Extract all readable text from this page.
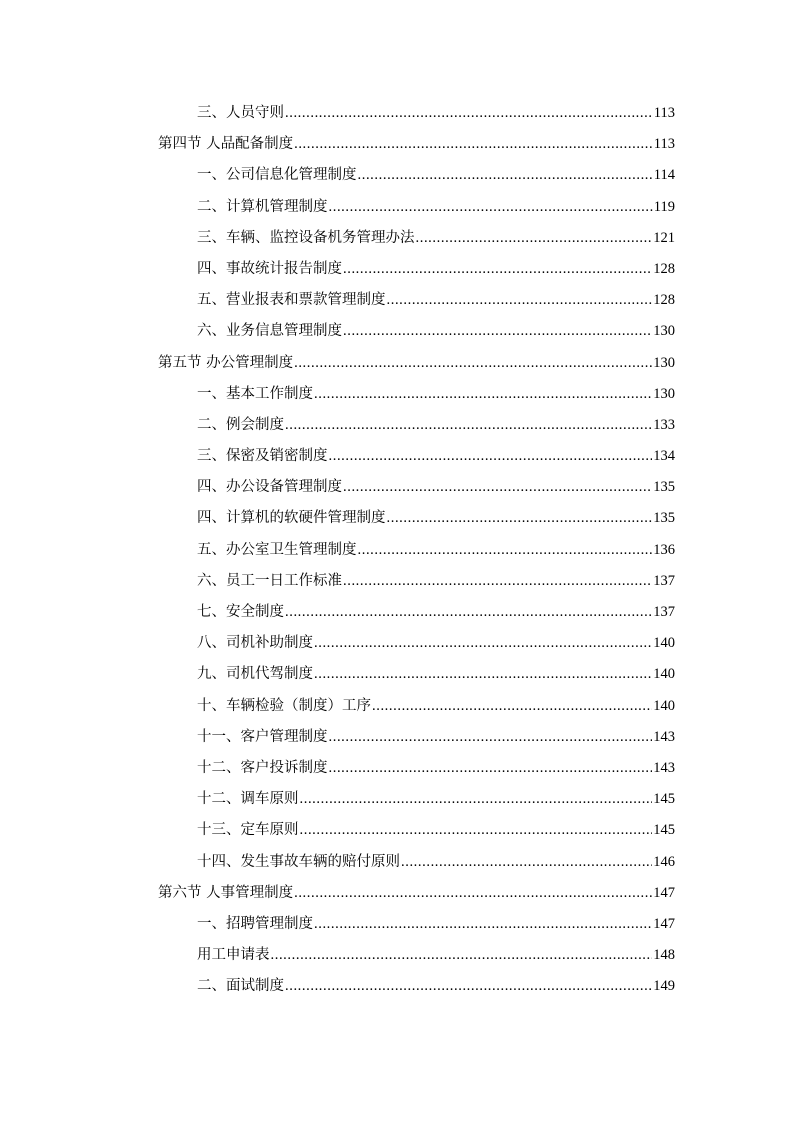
三、人员守则 .....	113
第四节 人品配备制度 .....	113
一、公司信息化管理制度 .....	114
二、计算机管理制度 .....	119
三、车辆、监控设备机务管理办法 .....	121
四、事故统计报告制度 .....	128
五、营业报表和票款管理制度 .....	128
六、业务信息管理制度 .....	130
第五节 办公管理制度 .....	130
一、基本工作制度 .....	130
二、例会制度 .....	133
三、保密及销密制度 .....	134
四、办公设备管理制度 .....	135
四、计算机的软硬件管理制度 .....	135
五、办公室卫生管理制度 .....	136
六、员工一日工作标准 .....	137
七、安全制度 .....	137
八、司机补助制度 .....	140
九、司机代驾制度 .....	140
十、车辆检验（制度）工序 .....	140
十一、客户管理制度 .....	143
十二、客户投诉制度 .....	143
十二、调车原则 .....	145
十三、定车原则 .....	145
十四、发生事故车辆的赔付原则 .....	146
第六节 人事管理制度 .....	147
一、招聘管理制度 .....	147
用工申请表 .....	148
二、面试制度 .....	149
